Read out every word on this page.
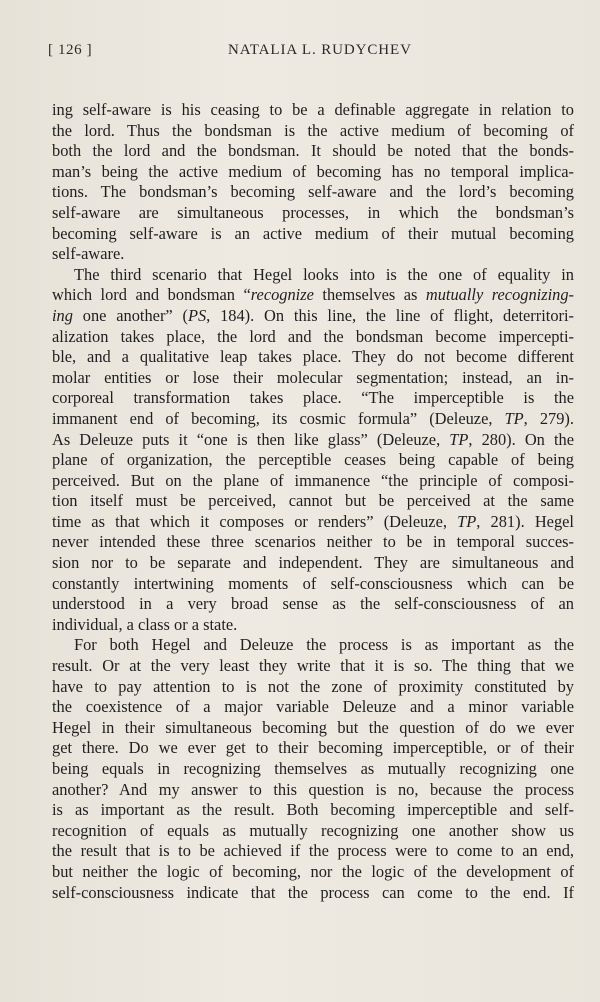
[ 126 ]	NATALIA L. RUDYCHEV
ing self-aware is his ceasing to be a definable aggregate in relation to
the lord. Thus the bondsman is the active medium of becoming of
both the lord and the bondsman. It should be noted that the bonds-
man’s being the active medium of becoming has no temporal implica-
tions. The bondsman’s becoming self-aware and the lord’s becoming
self-aware are simultaneous processes, in which the bondsman’s
becoming self-aware is an active medium of their mutual becoming
self-aware.
The third scenario that Hegel looks into is the one of equality in
which lord and bondsman “recognize themselves as mutually recognizing-
ing one another” (PS, 184). On this line, the line of flight, deterritori-
alization takes place, the lord and the bondsman become impercepti-
ble, and a qualitative leap takes place. They do not become different
molar entities or lose their molecular segmentation; instead, an in-
corporeal transformation takes place. “The imperceptible is the
immanent end of becoming, its cosmic formula” (Deleuze, TP, 279).
As Deleuze puts it “one is then like glass” (Deleuze, TP, 280). On the
plane of organization, the perceptible ceases being capable of being
perceived. But on the plane of immanence “the principle of composi-
tion itself must be perceived, cannot but be perceived at the same
time as that which it composes or renders” (Deleuze, TP, 281). Hegel
never intended these three scenarios neither to be in temporal succes-
sion nor to be separate and independent. They are simultaneous and
constantly intertwining moments of self-consciousness which can be
understood in a very broad sense as the self-consciousness of an
individual, a class or a state.
For both Hegel and Deleuze the process is as important as the
result. Or at the very least they write that it is so. The thing that we
have to pay attention to is not the zone of proximity constituted by
the coexistence of a major variable Deleuze and a minor variable
Hegel in their simultaneous becoming but the question of do we ever
get there. Do we ever get to their becoming imperceptible, or of their
being equals in recognizing themselves as mutually recognizing one
another? And my answer to this question is no, because the process
is as important as the result. Both becoming imperceptible and self-
recognition of equals as mutually recognizing one another show us
the result that is to be achieved if the process were to come to an end,
but neither the logic of becoming, nor the logic of the development of
self-consciousness indicate that the process can come to the end. If
